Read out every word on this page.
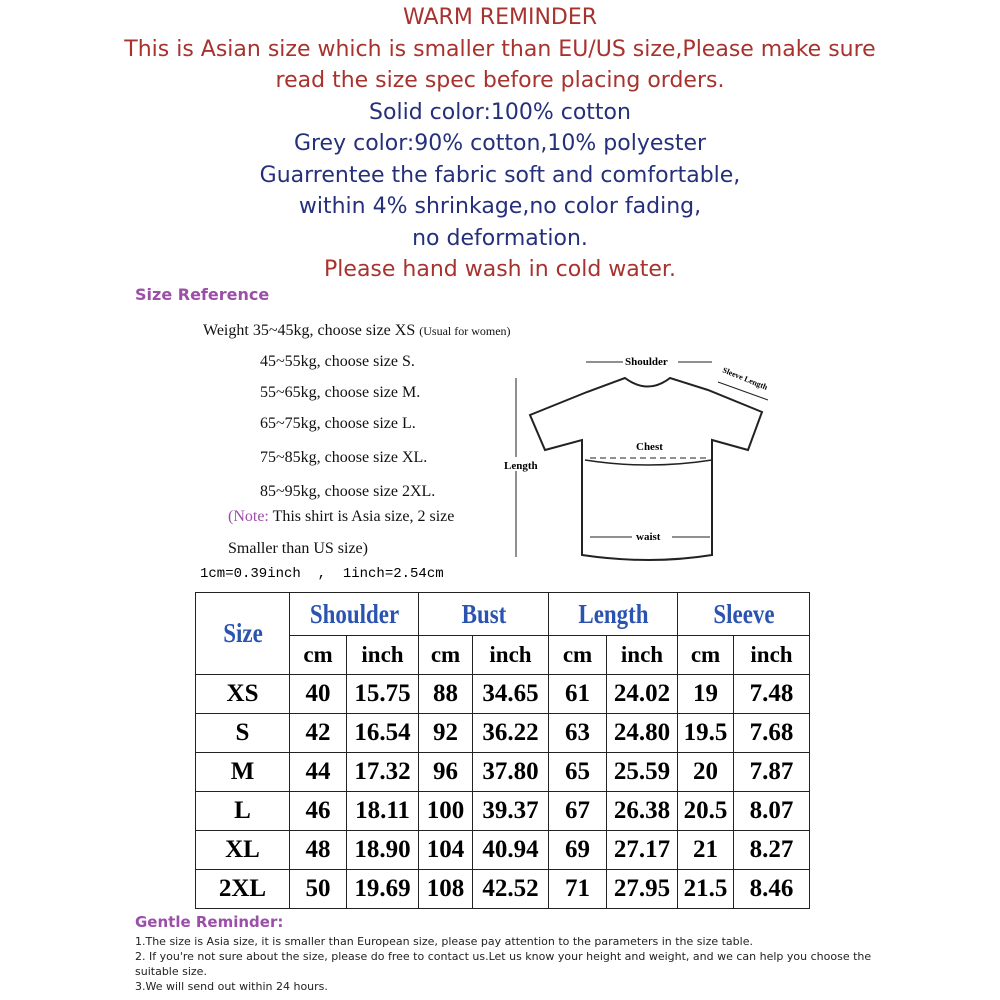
WARM REMINDER
This is Asian size which is smaller than EU/US size,Please make sure
read the size spec before placing orders.
Solid color:100% cotton
Grey color:90% cotton,10% polyester
Guarrentee the fabric soft and comfortable,
within 4% shrinkage,no color fading,
no deformation.
Please hand wash in cold water.
Size Reference
Weight 35~45kg, choose size XS (Usual for women)
45~55kg, choose size S.
55~65kg, choose size M.
65~75kg, choose size L.
75~85kg, choose size XL.
85~95kg, choose size 2XL.
(Note: This shirt is Asia size, 2 size
Smaller than US size)
1cm=0.39inch  ,  1inch=2.54cm
Shoulder
Chest
Length
waist
Sleeve Length
Size	Shoulder		Bust		Length		Sleeve	
	cm	inch	cm	inch	cm	inch	cm	inch
XS	40	15.75	88	34.65	61	24.02	19	7.48
S	42	16.54	92	36.22	63	24.80	19.5	7.68
M	44	17.32	96	37.80	65	25.59	20	7.87
L	46	18.11	100	39.37	67	26.38	20.5	8.07
XL	48	18.90	104	40.94	69	27.17	21	8.27
2XL	50	19.69	108	42.52	71	27.95	21.5	8.46
Gentle Reminder:
1.The size is Asia size, it is smaller than European size, please pay attention to the parameters in the size table.
2. If you're not sure about the size, please do free to contact us.Let us know your height and weight, and we can help you choose the suitable size.
3.We will send out within 24 hours.
